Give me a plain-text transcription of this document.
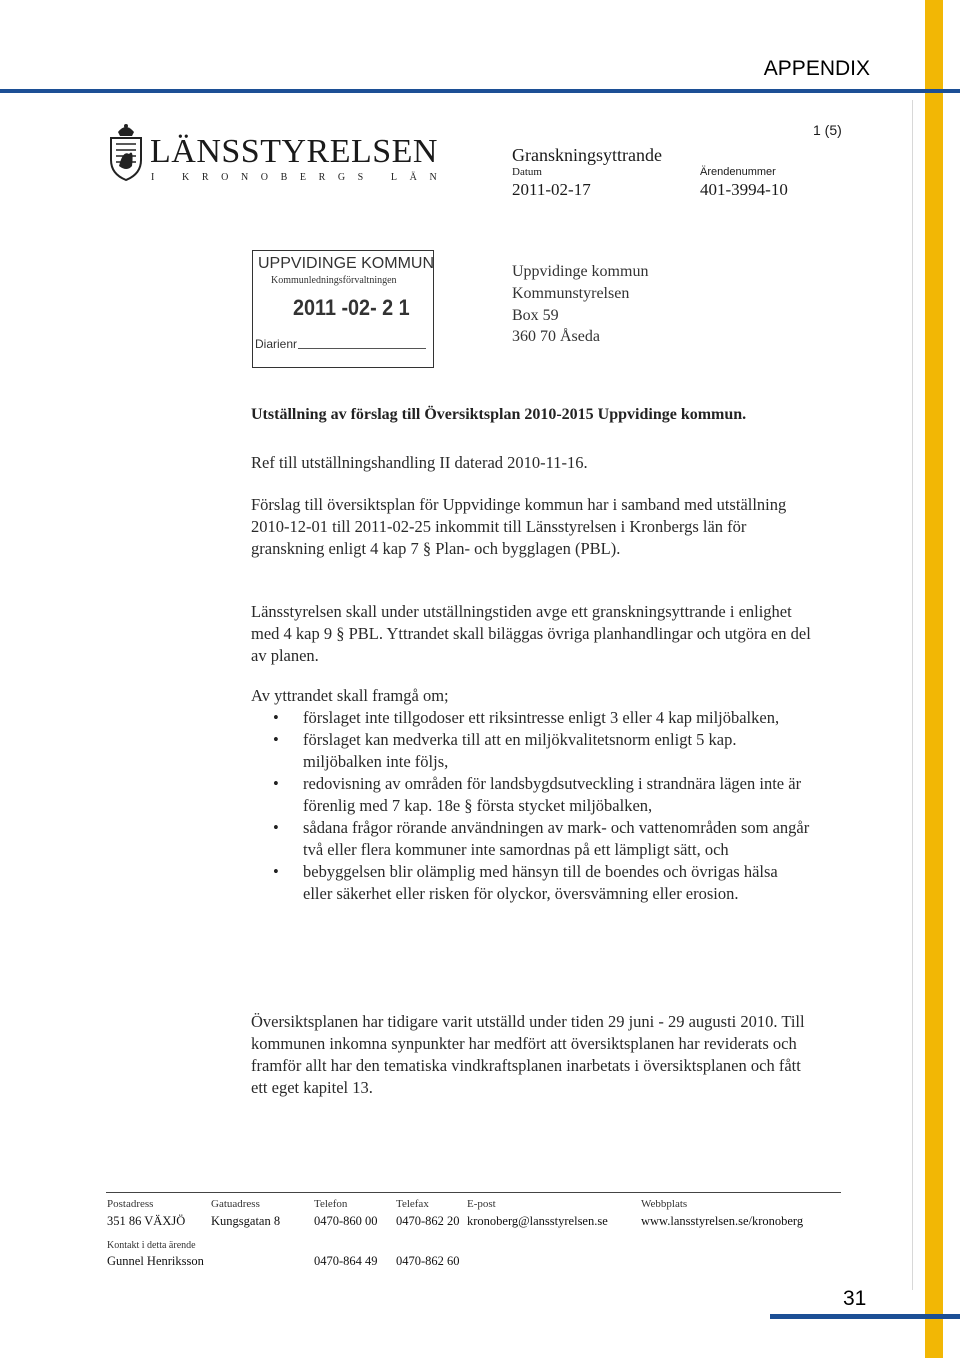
APPENDIX
LÄNSSTYRELSEN
I KRONOBERGS LÄN
Granskningsyttrande
Datum
2011-02-17
Ärendenummer
401-3994-10
1 (5)
UPPVIDINGE KOMMUN
Kommunledningsförvaltningen
2011 -02- 2 1
Diarienr
Uppvidinge kommun
Kommunstyrelsen
Box 59
360 70 Åseda
Utställning av förslag till Översiktsplan 2010-2015 Uppvidinge kommun.
Ref till utställningshandling II daterad 2010-11-16.
Förslag till översiktsplan för Uppvidinge kommun har i samband med utställning 2010-12-01 till 2011-02-25 inkommit till Länsstyrelsen i Kronbergs län för granskning enligt 4 kap 7 § Plan- och bygglagen (PBL).
Länsstyrelsen skall under utställningstiden avge ett granskningsyttrande i enlighet med 4 kap 9 § PBL. Yttrandet skall biläggas övriga planhandlingar och utgöra en del av planen.
Av yttrandet skall framgå om;
• förslaget inte tillgodoser ett riksintresse enligt 3 eller 4 kap miljöbalken,
• förslaget kan medverka till att en miljökvalitetsnorm enligt 5 kap. miljöbalken inte följs,
• redovisning av områden för landsbygdsutveckling i strandnära lägen inte är förenlig med 7 kap. 18e § första stycket miljöbalken,
• sådana frågor rörande användningen av mark- och vattenområden som angår två eller flera kommuner inte samordnas på ett lämpligt sätt, och
• bebyggelsen blir olämplig med hänsyn till de boendes och övrigas hälsa eller säkerhet eller risken för olyckor, översvämning eller erosion.
Översiktsplanen har tidigare varit utställd under tiden 29 juni - 29 augusti 2010. Till kommunen inkomna synpunkter har medfört att översiktsplanen har reviderats och framför allt har den tematiska vindkraftsplanen inarbetats i översiktsplanen och fått ett eget kapitel 13.
Postadress
351 86 VÄXJÖ
Gatuadress
Kungsgatan 8
Telefon
0470-860 00
Telefax
0470-862 20
E-post
kronoberg@lansstyrelsen.se
Webbplats
www.lansstyrelsen.se/kronoberg
Kontakt i detta ärende
Gunnel Henriksson	0470-864 49 0470-862 60
31
